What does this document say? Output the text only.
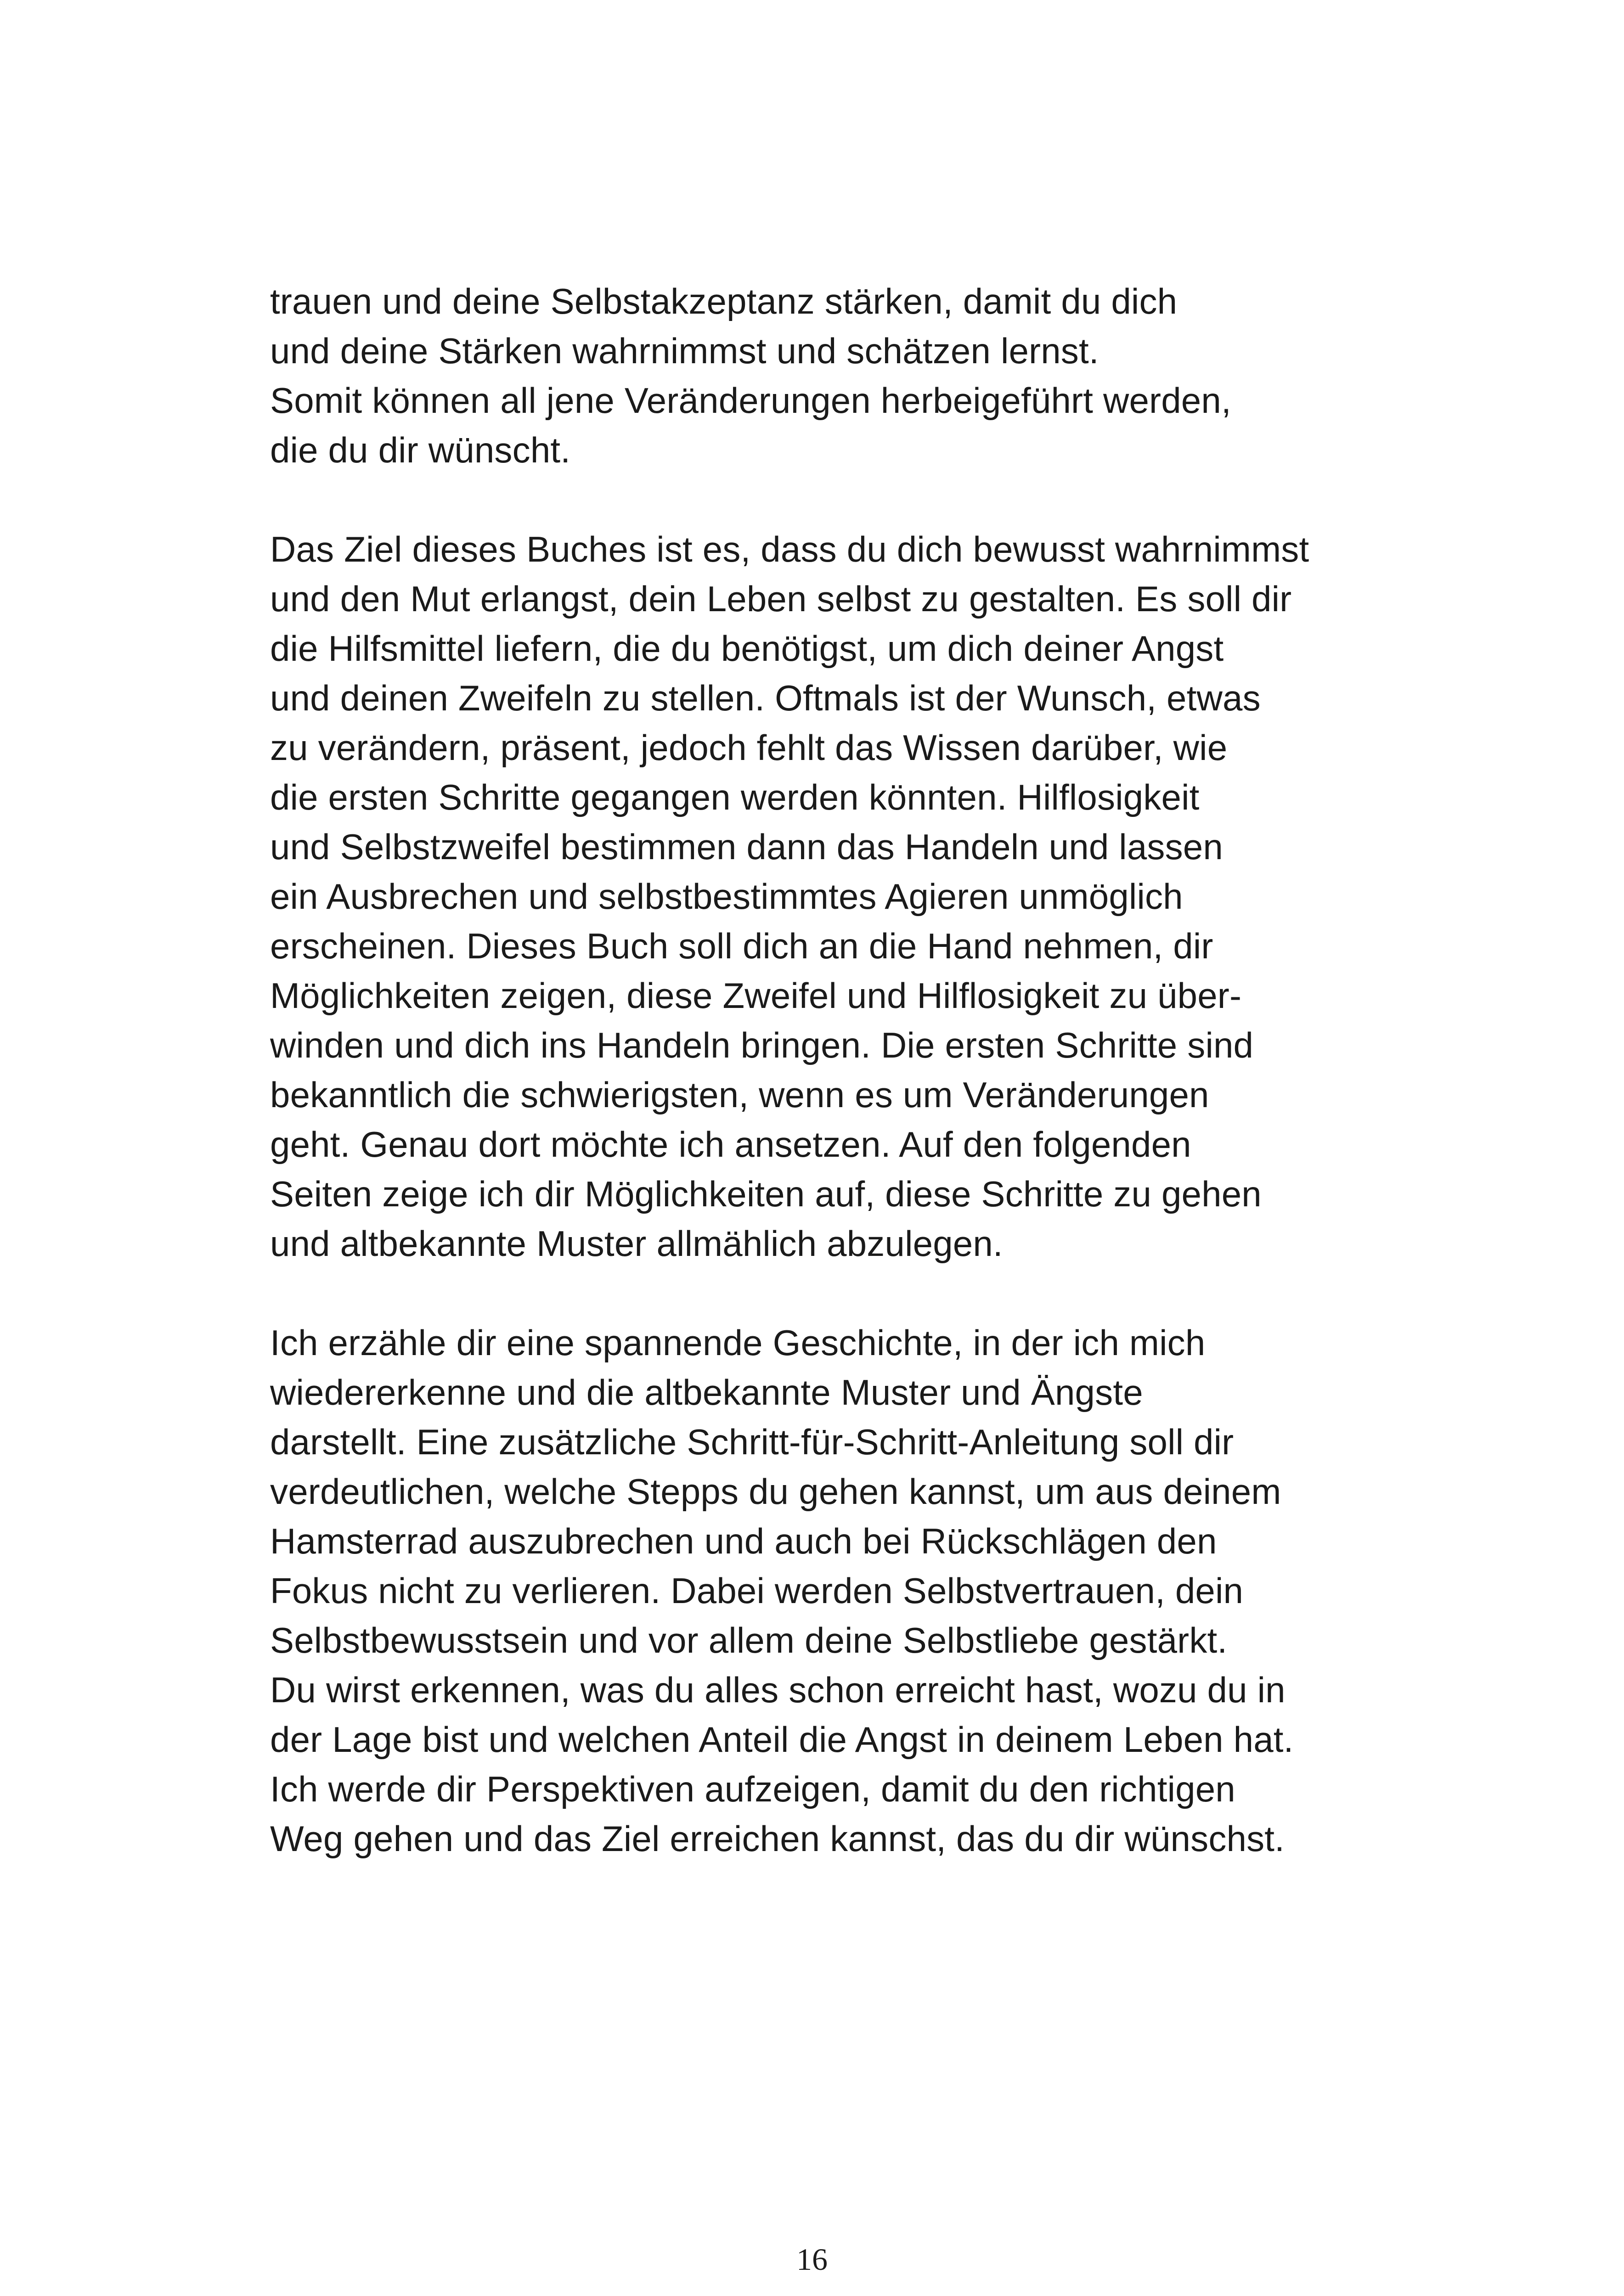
trauen und deine Selbstakzeptanz stärken, damit du dich
und deine Stärken wahrnimmst und schätzen lernst.
Somit können all jene Veränderungen herbeigeführt werden,
die du dir wünscht.

Das Ziel dieses Buches ist es, dass du dich bewusst wahrnimmst
und den Mut erlangst, dein Leben selbst zu gestalten. Es soll dir
die Hilfsmittel liefern, die du benötigst, um dich deiner Angst
und deinen Zweifeln zu stellen. Oftmals ist der Wunsch, etwas
zu verändern, präsent, jedoch fehlt das Wissen darüber, wie
die ersten Schritte gegangen werden könnten. Hilflosigkeit
und Selbstzweifel bestimmen dann das Handeln und lassen
ein Ausbrechen und selbstbestimmtes Agieren unmöglich
erscheinen. Dieses Buch soll dich an die Hand nehmen, dir
Möglichkeiten zeigen, diese Zweifel und Hilflosigkeit zu über-
winden und dich ins Handeln bringen. Die ersten Schritte sind
bekanntlich die schwierigsten, wenn es um Veränderungen
geht. Genau dort möchte ich ansetzen. Auf den folgenden
Seiten zeige ich dir Möglichkeiten auf, diese Schritte zu gehen
und altbekannte Muster allmählich abzulegen.

Ich erzähle dir eine spannende Geschichte, in der ich mich
wiedererkenne und die altbekannte Muster und Ängste
darstellt. Eine zusätzliche Schritt-für-Schritt-Anleitung soll dir
verdeutlichen, welche Stepps du gehen kannst, um aus deinem
Hamsterrad auszubrechen und auch bei Rückschlägen den
Fokus nicht zu verlieren. Dabei werden Selbstvertrauen, dein
Selbstbewusstsein und vor allem deine Selbstliebe gestärkt.
Du wirst erkennen, was du alles schon erreicht hast, wozu du in
der Lage bist und welchen Anteil die Angst in deinem Leben hat.
Ich werde dir Perspektiven aufzeigen, damit du den richtigen
Weg gehen und das Ziel erreichen kannst, das du dir wünschst.

16
